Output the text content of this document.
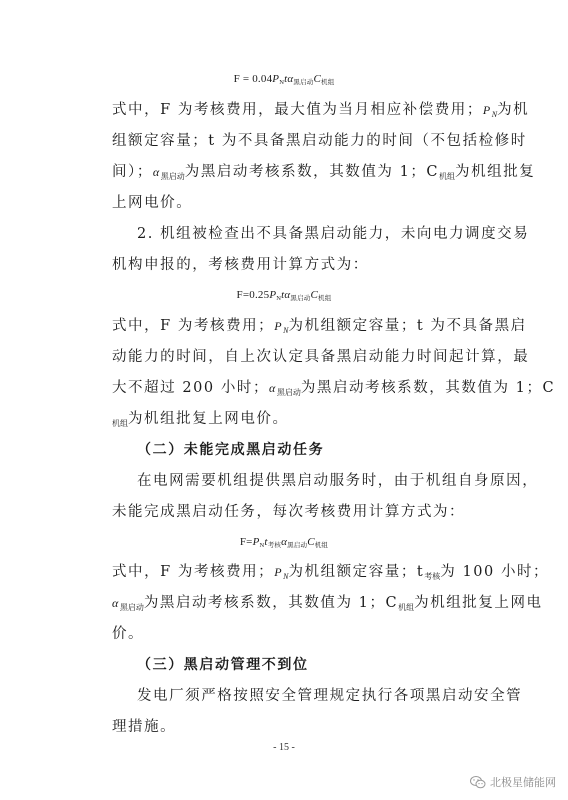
$F = 0.04P_Nt\alpha_{黑启动}C_{机组}$
式中，F 为考核费用，最大值为当月相应补偿费用；$P_N$为机
组额定容量；t 为不具备黑启动能力的时间（不包括检修时
间）；$\alpha_{黑启动}$为黑启动考核系数，其数值为 1；$C_{机组}$为机组批复
上网电价。
2. 机组被检查出不具备黑启动能力，未向电力调度交易
机构申报的，考核费用计算方式为：
$F=0.25P_Nt\alpha_{黑启动}C_{机组}$
式中，F 为考核费用；$P_N$为机组额定容量；t 为不具备黑启
动能力的时间，自上次认定具备黑启动能力时间起计算，最
大不超过 200 小时；$\alpha_{黑启动}$为黑启动考核系数，其数值为 1；C
$_{机组}$为机组批复上网电价。
（二）未能完成黑启动任务
在电网需要机组提供黑启动服务时，由于机组自身原因，
未能完成黑启动任务，每次考核费用计算方式为：
$F=P_Nt_{考核}\alpha_{黑启动}C_{机组}$
式中，F 为考核费用；$P_N$为机组额定容量；$t_{考核}$为 100 小时；
$\alpha_{黑启动}$为黑启动考核系数，其数值为 1；$C_{机组}$为机组批复上网电
价。
（三）黑启动管理不到位
发电厂须严格按照安全管理规定执行各项黑启动安全管
理措施。
- 15 -
北极星储能网
